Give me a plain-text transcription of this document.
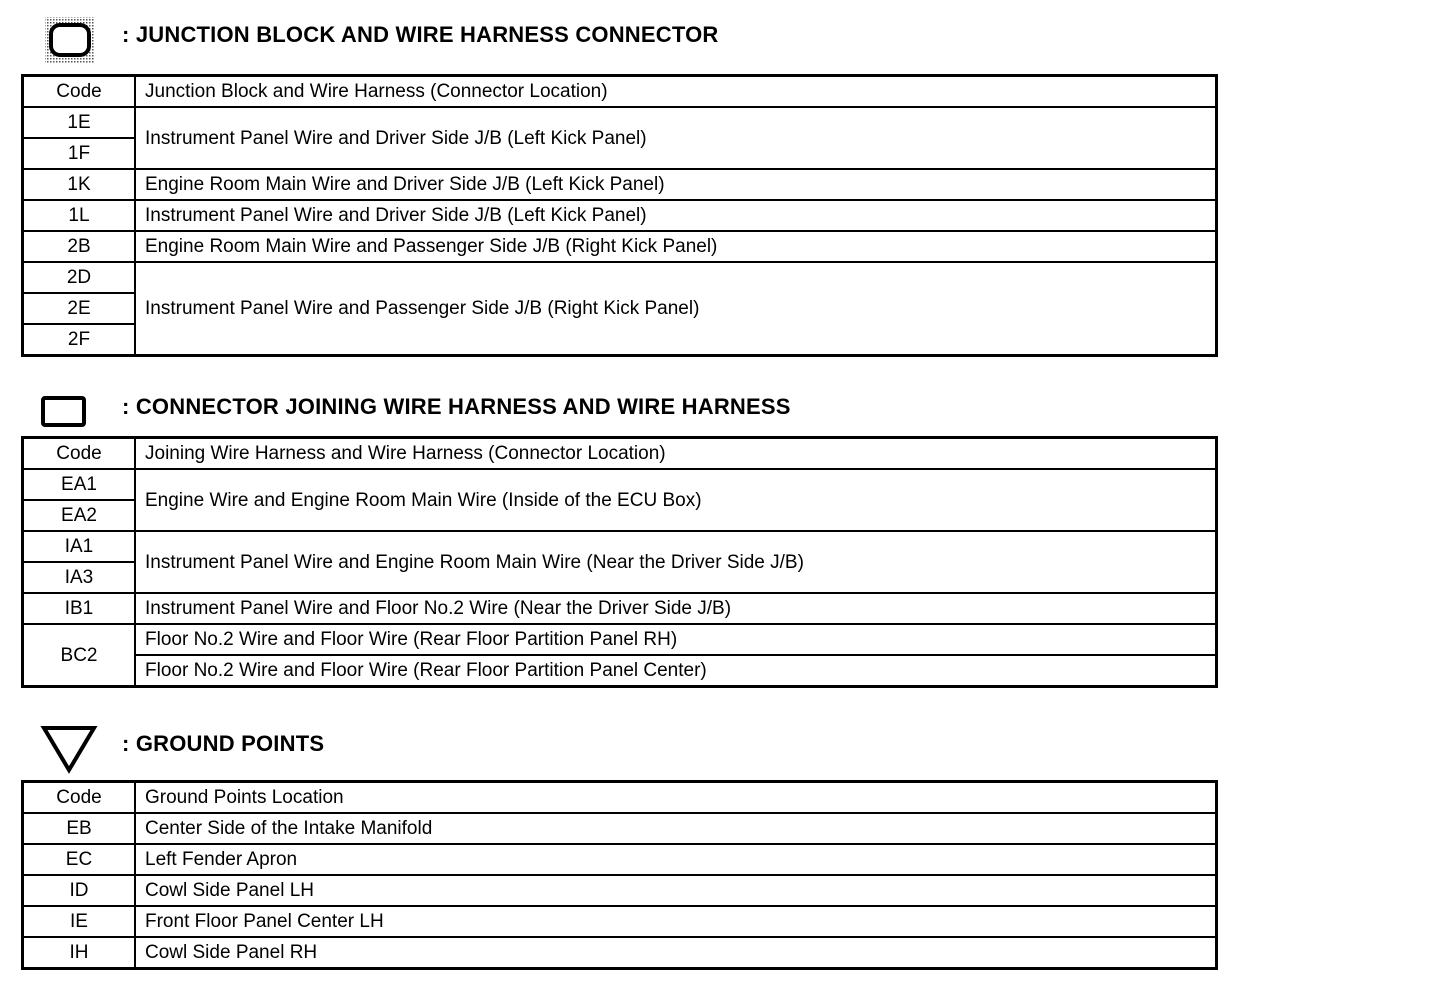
: JUNCTION BLOCK AND WIRE HARNESS CONNECTOR
Code	Junction Block and Wire Harness (Connector Location)
1E	Instrument Panel Wire and Driver Side J/B (Left Kick Panel)
1F	
1K	Engine Room Main Wire and Driver Side J/B (Left Kick Panel)
1L	Instrument Panel Wire and Driver Side J/B (Left Kick Panel)
2B	Engine Room Main Wire and Passenger Side J/B (Right Kick Panel)
2D	Instrument Panel Wire and Passenger Side J/B (Right Kick Panel)
2E	
2F	
: CONNECTOR JOINING WIRE HARNESS AND WIRE HARNESS
Code	Joining Wire Harness and Wire Harness (Connector Location)
EA1	Engine Wire and Engine Room Main Wire (Inside of the ECU Box)
EA2	
IA1	Instrument Panel Wire and Engine Room Main Wire (Near the Driver Side J/B)
IA3	
IB1	Instrument Panel Wire and Floor No.2 Wire (Near the Driver Side J/B)
BC2	Floor No.2 Wire and Floor Wire (Rear Floor Partition Panel RH)
	Floor No.2 Wire and Floor Wire (Rear Floor Partition Panel Center)
: GROUND POINTS
Code	Ground Points Location
EB	Center Side of the Intake Manifold
EC	Left Fender Apron
ID	Cowl Side Panel LH
IE	Front Floor Panel Center LH
IH	Cowl Side Panel RH
